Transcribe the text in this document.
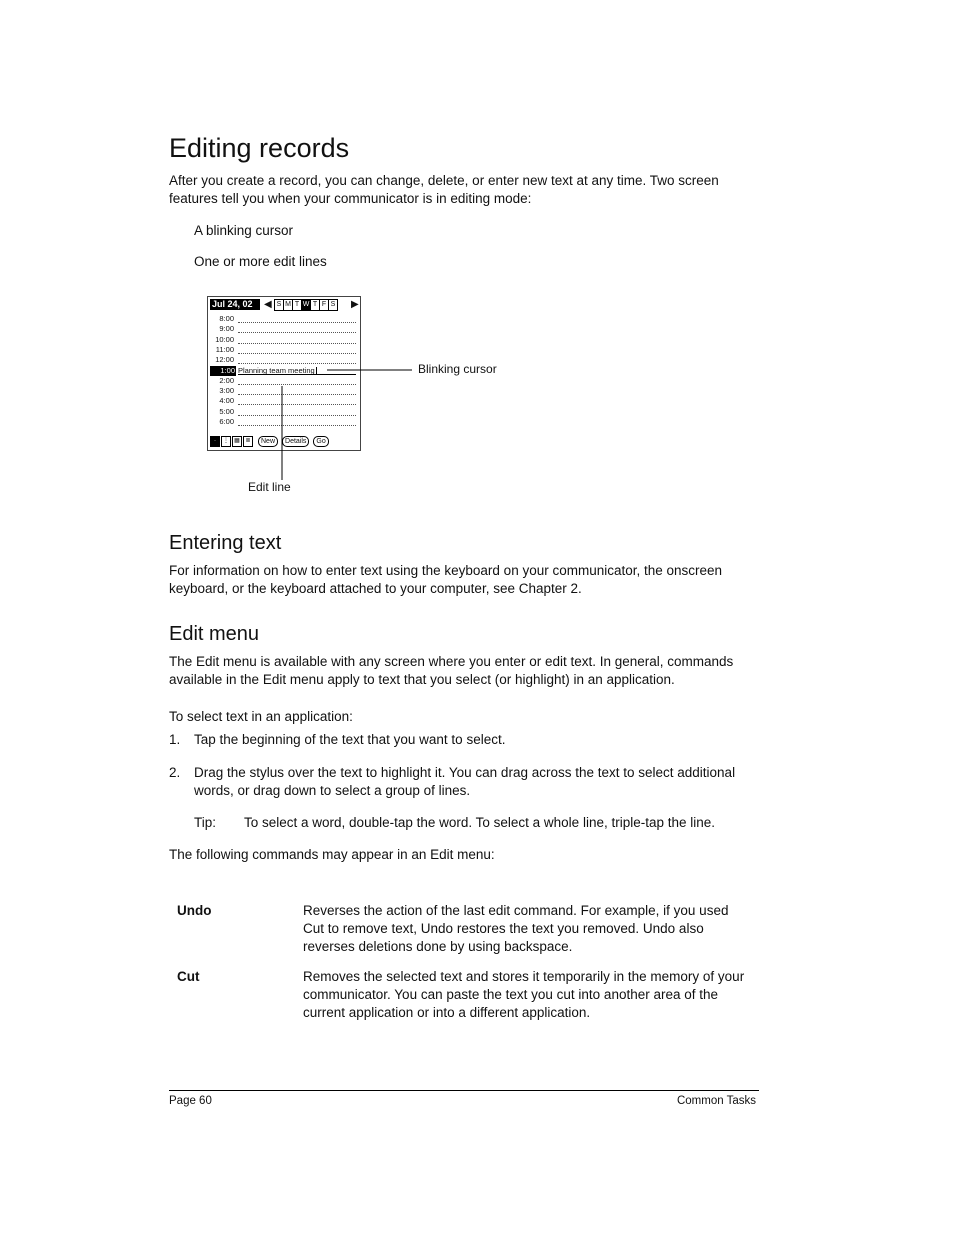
Editing records

After you create a record, you can change, delete, or enter new text at any time. Two screen features tell you when your communicator is in editing mode:

A blinking cursor

One or more edit lines

Jul 24, 02	◀ S M T W T F S ▶
8:00
9:00
10:00
11:00
12:00
1:00 Planning team meeting
2:00
3:00
4:00
5:00
6:00
·	⋮ ▦ ≣	New	Details	Go
Blinking cursor
Edit line
Entering text

For information on how to enter text using the keyboard on your communicator, the onscreen keyboard, or the keyboard attached to your computer, see Chapter 2.

Edit menu

The Edit menu is available with any screen where you enter or edit text. In general, commands available in the Edit menu apply to text that you select (or highlight) in an application.

To select text in an application:

1. Tap the beginning of the text that you want to select.

2. Drag the stylus over the text to highlight it. You can drag across the text to select additional words, or drag down to select a group of lines.

Tip: To select a word, double-tap the word. To select a whole line, triple-tap the line.

The following commands may appear in an Edit menu:

Undo	Reverses the action of the last edit command. For example, if you used Cut to remove text, Undo restores the text you removed. Undo also reverses deletions done by using backspace.

Cut	Removes the selected text and stores it temporarily in the memory of your communicator. You can paste the text you cut into another area of the current application or into a different application.

Page 60	Common Tasks
